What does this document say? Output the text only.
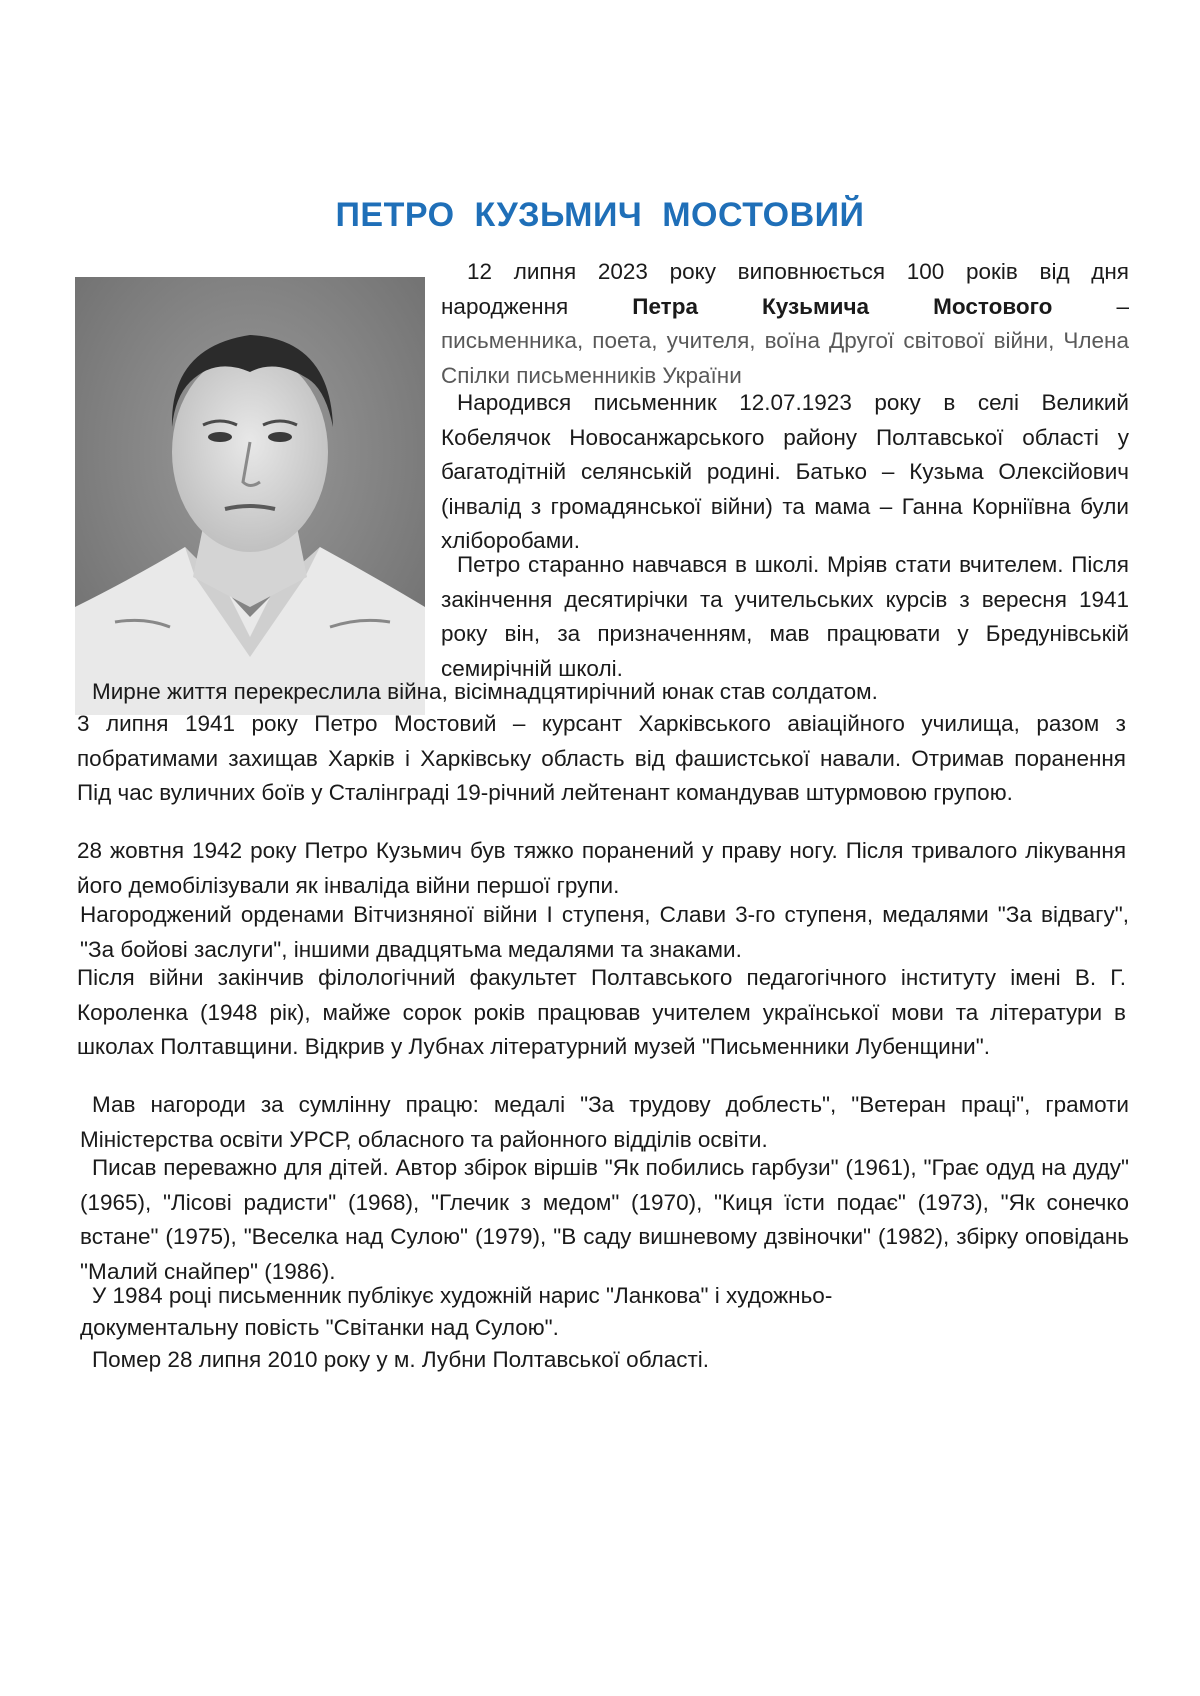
ПЕТРО КУЗЬМИЧ МОСТОВИЙ

12 липня 2023 року виповнюється 100 років від дня народження Петра Кузьмича Мостового –

письменника, поета, учителя, воїна Другої світової війни, Члена Спілки письменників України

Народився письменник 12.07.1923 року в селі Великий Кобелячок Новосанжарського району Полтавської області у багатодітній селянській родині. Батько – Кузьма Олексійович (інвалід з громадянської війни) та мама – Ганна Корніївна були хліборобами.

Петро старанно навчався в школі. Мріяв стати вчителем. Після закінчення десятирічки та учительських курсів з вересня 1941 року він, за призначенням, мав працювати у Бредунівській семирічній школі.

Мирне життя перекреслила війна, вісімнадцятирічний юнак став солдатом.

3 липня 1941 року Петро Мостовий – курсант Харківського авіаційного училища, разом з побратимами захищав Харків і Харківську область від фашистської навали. Отримав поранення Під час вуличних боїв у Сталінграді 19-річний лейтенант командував штурмовою групою.

28 жовтня 1942 року Петро Кузьмич був тяжко поранений у праву ногу. Після тривалого лікування його демобілізували як інваліда війни першої групи.

Нагороджений орденами Вітчизняної війни І ступеня, Слави 3-го ступеня, медалями "За відвагу", "За бойові заслуги", іншими двадцятьма медалями та знаками.

Після війни закінчив філологічний факультет Полтавського педагогічного інституту імені В. Г. Короленка (1948 рік), майже сорок років працював учителем української мови та літератури в школах Полтавщини. Відкрив у Лубнах літературний музей "Письменники Лубенщини".

Мав нагороди за сумлінну працю: медалі "За трудову доблесть", "Ветеран праці", грамоти Міністерства освіти УРСР, обласного та районного відділів освіти.

Писав переважно для дітей. Автор збірок віршів "Як побились гарбузи" (1961), "Грає одуд на дуду" (1965), "Лісові радисти" (1968), "Глечик з медом" (1970), "Киця їсти подає" (1973), "Як сонечко встане" (1975), "Веселка над Сулою" (1979), "В саду вишневому дзвіночки" (1982), збірку оповідань "Малий снайпер" (1986).

У 1984 році письменник публікує художній нарис "Ланкова" і художньо-

документальну повість "Світанки над Сулою".

Помер 28 липня 2010 року у м. Лубни Полтавської області.
